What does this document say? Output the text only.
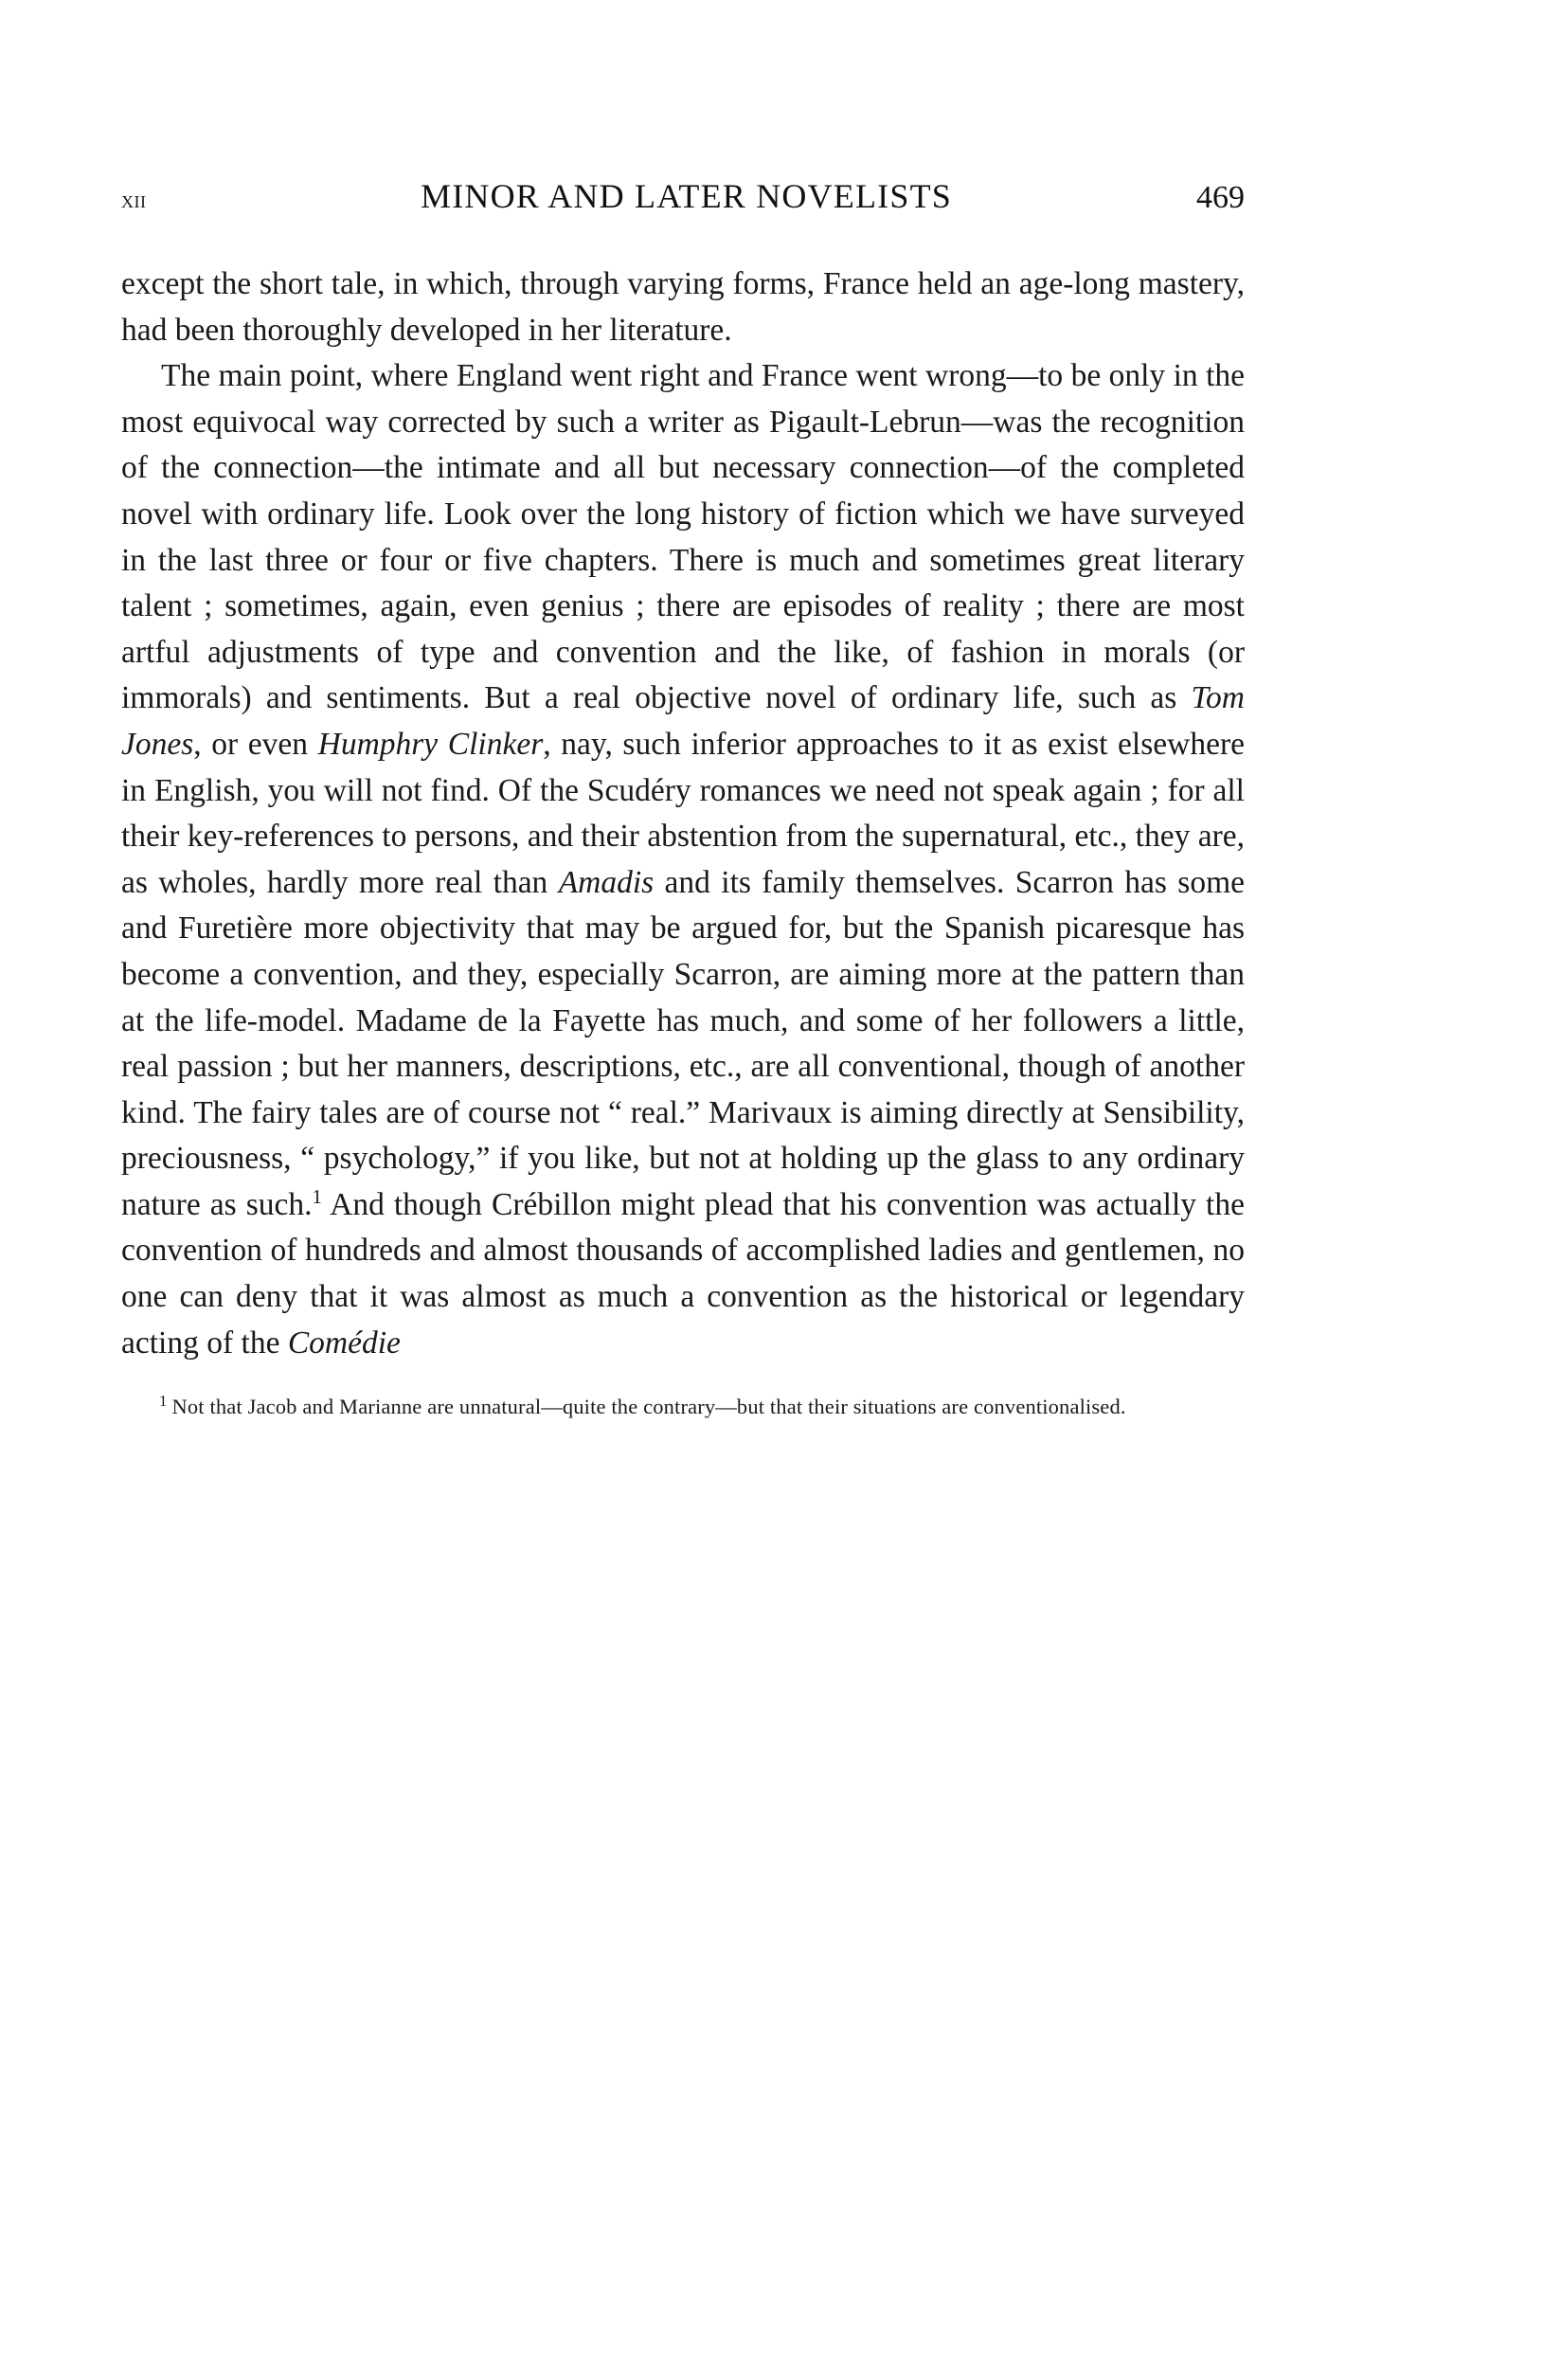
xii	MINOR AND LATER NOVELISTS	469

except the short tale, in which, through varying forms, France held an age-long mastery, had been thoroughly developed in her literature.

The main point, where England went right and France went wrong—to be only in the most equivocal way corrected by such a writer as Pigault-Lebrun—was the recognition of the connection—the intimate and all but necessary connection—of the completed novel with ordinary life. Look over the long history of fiction which we have surveyed in the last three or four or five chapters. There is much and sometimes great literary talent ; sometimes, again, even genius ; there are episodes of reality ; there are most artful adjustments of type and convention and the like, of fashion in morals (or immorals) and sentiments. But a real objective novel of ordinary life, such as Tom Jones, or even Humphry Clinker, nay, such inferior approaches to it as exist elsewhere in English, you will not find. Of the Scudéry romances we need not speak again ; for all their key-references to persons, and their abstention from the supernatural, etc., they are, as wholes, hardly more real than Amadis and its family themselves. Scarron has some and Furetière more objectivity that may be argued for, but the Spanish picaresque has become a convention, and they, especially Scarron, are aiming more at the pattern than at the life-model. Madame de la Fayette has much, and some of her followers a little, real passion ; but her manners, descriptions, etc., are all conventional, though of another kind. The fairy tales are of course not “ real.” Marivaux is aiming directly at Sensibility, preciousness, “ psychology,” if you like, but not at holding up the glass to any ordinary nature as such.$^1$ And though Crébillon might plead that his convention was actually the convention of hundreds and almost thousands of accomplished ladies and gentlemen, no one can deny that it was almost as much a convention as the historical or legendary acting of the Comédie

$^1$ Not that Jacob and Marianne are unnatural—quite the contrary—but that their situations are conventionalised.
